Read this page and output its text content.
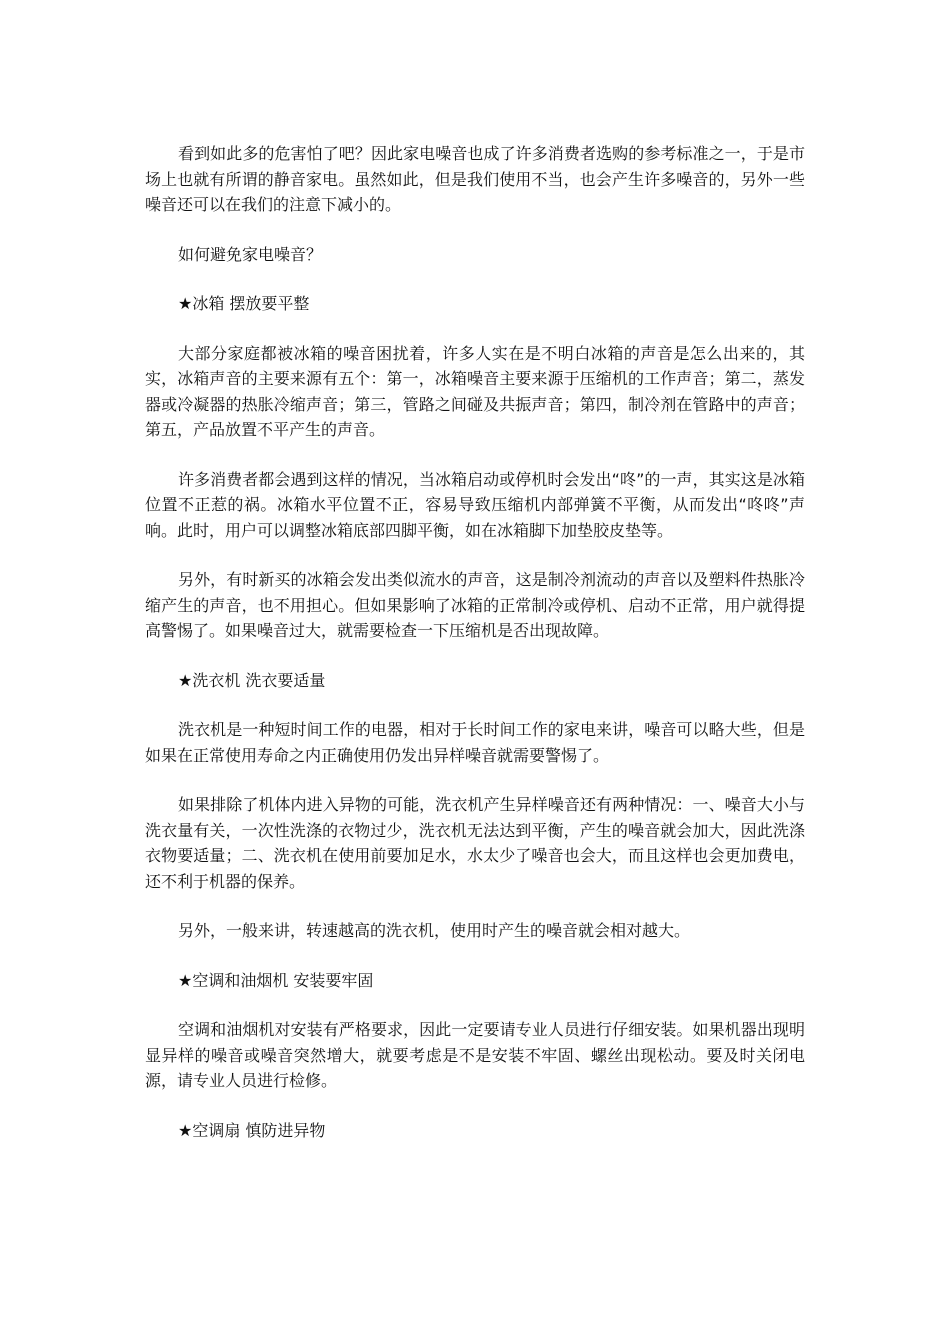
看到如此多的危害怕了吧？因此家电噪音也成了许多消费者选购的参考标准之一，于是市场上也就有所谓的静音家电。虽然如此，但是我们使用不当，也会产生许多噪音的，另外一些噪音还可以在我们的注意下减小的。

如何避免家电噪音？

★冰箱 摆放要平整

大部分家庭都被冰箱的噪音困扰着，许多人实在是不明白冰箱的声音是怎么出来的，其实，冰箱声音的主要来源有五个：第一，冰箱噪音主要来源于压缩机的工作声音；第二，蒸发器或冷凝器的热胀冷缩声音；第三，管路之间碰及共振声音；第四，制冷剂在管路中的声音；第五，产品放置不平产生的声音。

许多消费者都会遇到这样的情况，当冰箱启动或停机时会发出“咚”的一声，其实这是冰箱位置不正惹的祸。冰箱水平位置不正，容易导致压缩机内部弹簧不平衡，从而发出“咚咚”声响。此时，用户可以调整冰箱底部四脚平衡，如在冰箱脚下加垫胶皮垫等。

另外，有时新买的冰箱会发出类似流水的声音，这是制冷剂流动的声音以及塑料件热胀冷缩产生的声音，也不用担心。但如果影响了冰箱的正常制冷或停机、启动不正常，用户就得提高警惕了。如果噪音过大，就需要检查一下压缩机是否出现故障。

★洗衣机 洗衣要适量

洗衣机是一种短时间工作的电器，相对于长时间工作的家电来讲，噪音可以略大些，但是如果在正常使用寿命之内正确使用仍发出异样噪音就需要警惕了。

如果排除了机体内进入异物的可能，洗衣机产生异样噪音还有两种情况：一、噪音大小与洗衣量有关，一次性洗涤的衣物过少，洗衣机无法达到平衡，产生的噪音就会加大，因此洗涤衣物要适量；二、洗衣机在使用前要加足水，水太少了噪音也会大，而且这样也会更加费电，还不利于机器的保养。

另外，一般来讲，转速越高的洗衣机，使用时产生的噪音就会相对越大。

★空调和油烟机 安装要牢固

空调和油烟机对安装有严格要求，因此一定要请专业人员进行仔细安装。如果机器出现明显异样的噪音或噪音突然增大，就要考虑是不是安装不牢固、螺丝出现松动。要及时关闭电源，请专业人员进行检修。

★空调扇 慎防进异物
